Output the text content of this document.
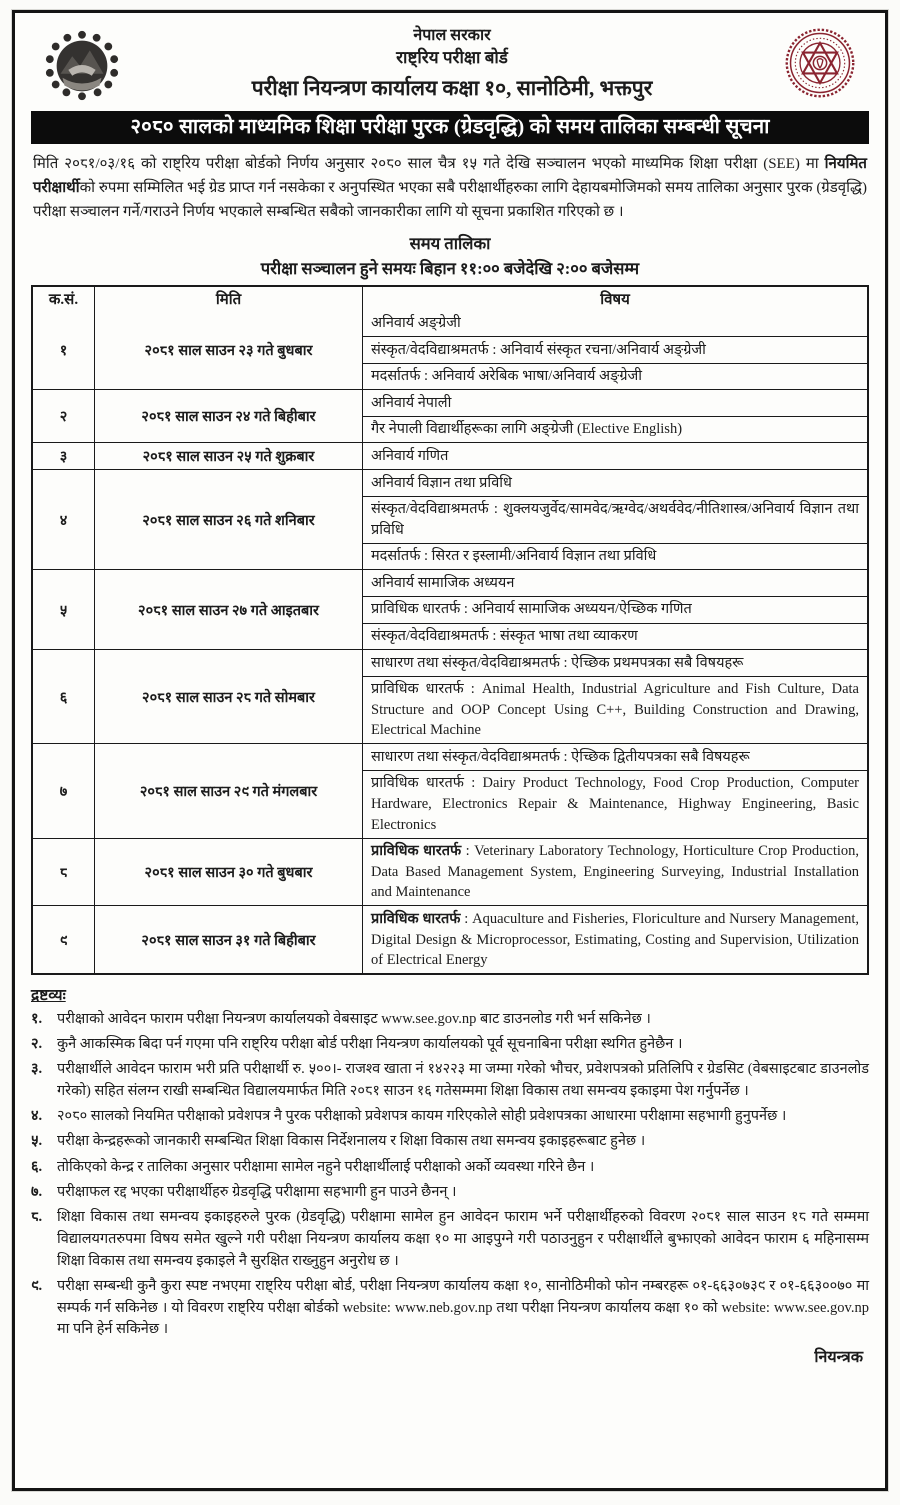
नेपाल सरकार
राष्ट्रिय परीक्षा बोर्ड
परीक्षा नियन्त्रण कार्यालय कक्षा १०, सानोठिमी, भक्तपुर
२०८० सालको माध्यमिक शिक्षा परीक्षा पुरक (ग्रेडवृद्धि) को समय तालिका सम्बन्धी सूचना

मिति २०८१/०३/१६ को राष्ट्रिय परीक्षा बोर्डको निर्णय अनुसार २०८० साल चैत्र १५ गते देखि सञ्चालन भएको माध्यमिक शिक्षा परीक्षा (SEE) मा नियमित परीक्षार्थीको रुपमा सम्मिलित भई ग्रेड प्राप्त गर्न नसकेका र अनुपस्थित भएका सबै परीक्षार्थीहरुका लागि देहायबमोजिमको समय तालिका अनुसार पुरक (ग्रेडवृद्धि) परीक्षा सञ्चालन गर्ने/गराउने निर्णय भएकाले सम्बन्धित सबैको जानकारीका लागि यो सूचना प्रकाशित गरिएको छ ।

समय तालिका
परीक्षा सञ्चालन हुने समयः बिहान ११:०० बजेदेखि २:०० बजेसम्म
क.सं.	मिति	विषय
१	२०८१ साल साउन २३ गते बुधबार
अनिवार्य अङ्ग्रेजी
संस्कृत/वेदविद्याश्रमतर्फ : अनिवार्य संस्कृत रचना/अनिवार्य अङ्ग्रेजी
मदर्सातर्फ : अनिवार्य अरेबिक भाषा/अनिवार्य अङ्ग्रेजी
२	२०८१ साल साउन २४ गते बिहीबार
अनिवार्य नेपाली
गैर नेपाली विद्यार्थीहरूका लागि अङ्ग्रेजी (Elective English)
३	२०८१ साल साउन २५ गते शुक्रबार	अनिवार्य गणित
४	२०८१ साल साउन २६ गते शनिबार
अनिवार्य विज्ञान तथा प्रविधि
संस्कृत/वेदविद्याश्रमतर्फ : शुक्लयजुर्वेद/सामवेद/ऋग्वेद/अथर्ववेद/नीतिशास्त्र/अनिवार्य विज्ञान तथा प्रविधि
मदर्सातर्फ : सिरत र इस्लामी/अनिवार्य विज्ञान तथा प्रविधि
५	२०८१ साल साउन २७ गते आइतबार
अनिवार्य सामाजिक अध्ययन
प्राविधिक धारतर्फ : अनिवार्य सामाजिक अध्ययन/ऐच्छिक गणित
संस्कृत/वेदविद्याश्रमतर्फ : संस्कृत भाषा तथा व्याकरण
६	२०८१ साल साउन २८ गते सोमबार
साधारण तथा संस्कृत/वेदविद्याश्रमतर्फ : ऐच्छिक प्रथमपत्रका सबै विषयहरू
प्राविधिक धारतर्फ : Animal Health, Industrial Agriculture and Fish Culture, Data Structure and OOP Concept Using C++, Building Construction and Drawing, Electrical Machine
७	२०८१ साल साउन २९ गते मंगलबार
साधारण तथा संस्कृत/वेदविद्याश्रमतर्फ : ऐच्छिक द्वितीयपत्रका सबै विषयहरू
प्राविधिक धारतर्फ : Dairy Product Technology, Food Crop Production, Computer Hardware, Electronics Repair & Maintenance, Highway Engineering, Basic Electronics
८	२०८१ साल साउन ३० गते बुधबार
प्राविधिक धारतर्फ : Veterinary Laboratory Technology, Horticulture Crop Production, Data Based Management System, Engineering Surveying, Industrial Installation and Maintenance
९	२०८१ साल साउन ३१ गते बिहीबार
प्राविधिक धारतर्फ : Aquaculture and Fisheries, Floriculture and Nursery Management, Digital Design & Microprocessor, Estimating, Costing and Supervision, Utilization of Electrical Energy
द्रष्टव्यः
१.	परीक्षाको आवेदन फाराम परीक्षा नियन्त्रण कार्यालयको वेबसाइट www.see.gov.np बाट डाउनलोड गरी भर्न सकिनेछ ।
२.	कुनै आकस्मिक बिदा पर्न गएमा पनि राष्ट्रिय परीक्षा बोर्ड परीक्षा नियन्त्रण कार्यालयको पूर्व सूचनाबिना परीक्षा स्थगित हुनेछैन ।
३.	परीक्षार्थीले आवेदन फाराम भरी प्रति परीक्षार्थी रु. ५००।- राजश्व खाता नं १४२२३ मा जम्मा गरेको भौचर, प्रवेशपत्रको प्रतिलिपि र ग्रेडसिट (वेबसाइटबाट डाउनलोड गरेको) सहित संलग्न राखी सम्बन्धित विद्यालयमार्फत मिति २०८१ साउन १६ गतेसम्ममा शिक्षा विकास तथा समन्वय इकाइमा पेश गर्नुपर्नेछ ।
४.	२०८० सालको नियमित परीक्षाको प्रवेशपत्र नै पुरक परीक्षाको प्रवेशपत्र कायम गरिएकोले सोही प्रवेशपत्रका आधारमा परीक्षामा सहभागी हुनुपर्नेछ ।
५.	परीक्षा केन्द्रहरूको जानकारी सम्बन्धित शिक्षा विकास निर्देशनालय र शिक्षा विकास तथा समन्वय इकाइहरूबाट हुनेछ ।
६.	तोकिएको केन्द्र र तालिका अनुसार परीक्षामा सामेल नहुने परीक्षार्थीलाई परीक्षाको अर्को व्यवस्था गरिने छैन ।
७.	परीक्षाफल रद्द भएका परीक्षार्थीहरु ग्रेडवृद्धि परीक्षामा सहभागी हुन पाउने छैनन् ।
८.	शिक्षा विकास तथा समन्वय इकाइहरुले पुरक (ग्रेडवृद्धि) परीक्षामा सामेल हुन आवेदन फाराम भर्ने परीक्षार्थीहरुको विवरण २०८१ साल साउन १८ गते सम्ममा विद्यालयगतरुपमा विषय समेत खुल्ने गरी परीक्षा नियन्त्रण कार्यालय कक्षा १० मा आइपुग्ने गरी पठाउनुहुन र परीक्षार्थीले बुझाएको आवेदन फाराम ६ महिनासम्म शिक्षा विकास तथा समन्वय इकाइले नै सुरक्षित राख्नुहुन अनुरोध छ ।
९.	परीक्षा सम्बन्धी कुनै कुरा स्पष्ट नभएमा राष्ट्रिय परीक्षा बोर्ड, परीक्षा नियन्त्रण कार्यालय कक्षा १०, सानोठिमीको फोन नम्बरहरू ०१-६६३०७३९ र ०१-६६३००७० मा सम्पर्क गर्न सकिनेछ । यो विवरण राष्ट्रिय परीक्षा बोर्डको website: www.neb.gov.np तथा परीक्षा नियन्त्रण कार्यालय कक्षा १० को website: www.see.gov.np मा पनि हेर्न सकिनेछ ।
नियन्त्रक
